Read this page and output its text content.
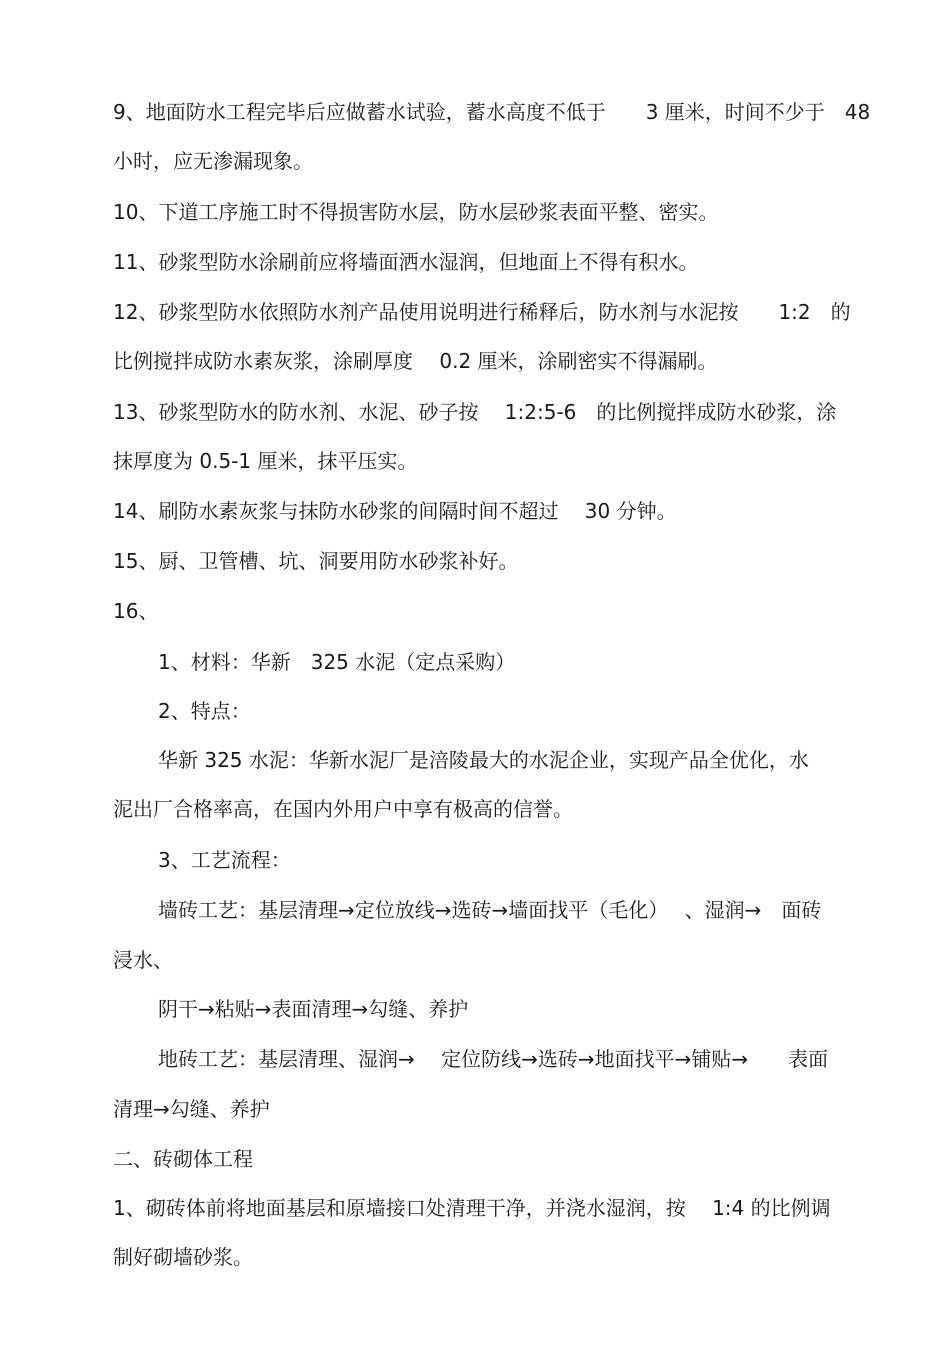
9、地面防水工程完毕后应做蓄水试验，蓄水高度不低于　　3 厘米，时间不少于　48
小时，应无渗漏现象。
10、下道工序施工时不得损害防水层，防水层砂浆表面平整、密实。
11、砂浆型防水涂刷前应将墙面洒水湿润，但地面上不得有积水。
12、砂浆型防水依照防水剂产品使用说明进行稀释后，防水剂与水泥按　　1:2　的
比例搅拌成防水素灰浆，涂刷厚度　 0.2 厘米，涂刷密实不得漏刷。
13、砂浆型防水的防水剂、水泥、砂子按　 1:2:5-6　的比例搅拌成防水砂浆，涂
抹厚度为 0.5-1 厘米，抹平压实。
14、刷防水素灰浆与抹防水砂浆的间隔时间不超过　 30 分钟。
15、厨、卫管槽、坑、洞要用防水砂浆补好。
16、
1、材料：华新　325 水泥（定点采购）
2、特点：
华新 325 水泥：华新水泥厂是涪陵最大的水泥企业，实现产品全优化，水
泥出厂合格率高，在国内外用户中享有极高的信誉。
3、工艺流程：
墙砖工艺：基层清理→定位放线→选砖→墙面找平（毛化）　 、湿润→　面砖
浸水、
阴干→粘贴→表面清理→勾缝、养护
地砖工艺：基层清理、湿润→　 定位防线→选砖→地面找平→铺贴→　　表面
清理→勾缝、养护
二、砖砌体工程
1、砌砖体前将地面基层和原墙接口处清理干净，并浇水湿润，按　 1:4 的比例调
制好砌墙砂浆。
